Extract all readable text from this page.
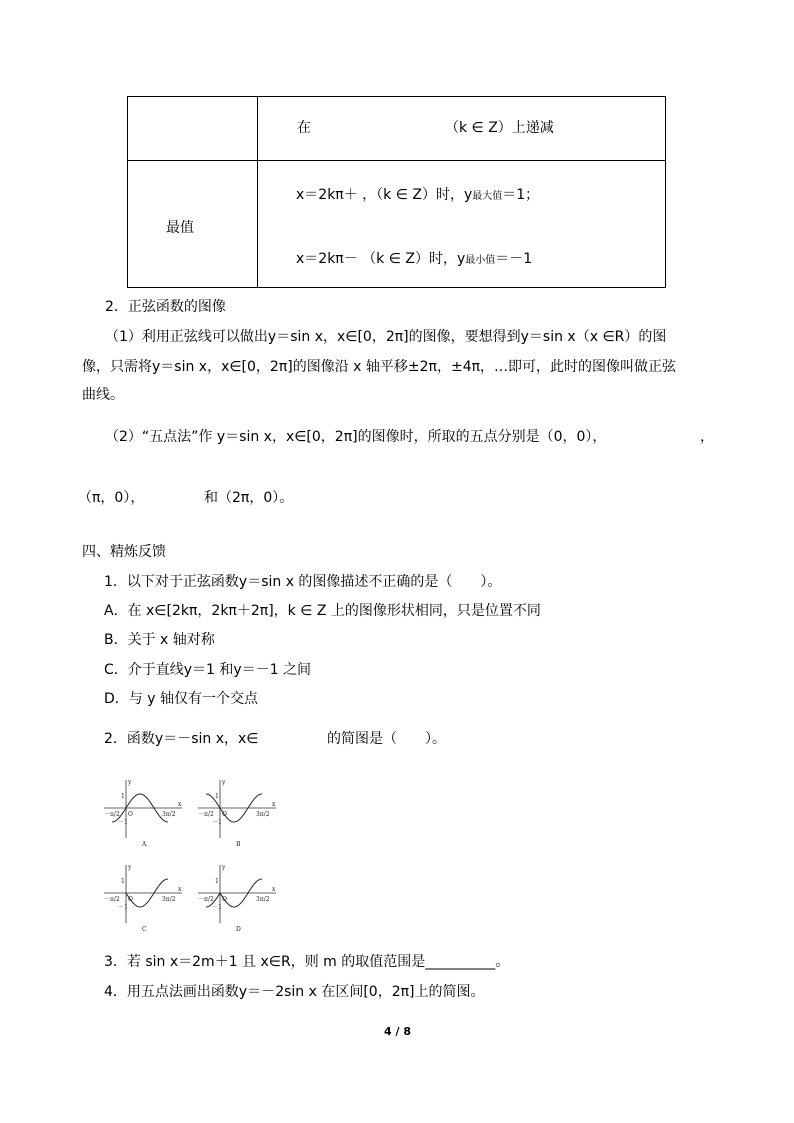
	在 （k ∈ Z）上递减

最值	x＝2kπ＋ ，（k ∈ Z）时，y最大值＝1；
x＝2kπ－ （k ∈ Z）时，y最小值＝－1
2．正弦函数的图像
（1）利用正弦线可以做出y＝sin x，x∈[0，2π]的图像，要想得到y＝sin x（x ∈R）的图
像，只需将y＝sin x，x∈[0，2π]的图像沿 x 轴平移±2π，±4π，…即可，此时的图像叫做正弦
曲线。
（2）“五点法”作 y＝sin x，x∈[0，2π]的图像时，所取的五点分别是（0，0），	，
（π，0），	和（2π，0）。
四、精炼反馈
1．以下对于正弦函数y＝sin x 的图像描述不正确的是（　　）。
A．在 x∈[2kπ，2kπ＋2π]，k ∈ Z 上的图像形状相同，只是位置不同
B．关于 x 轴对称
C．介于直线y＝1 和y＝－1 之间
D．与 y 轴仅有一个交点
2．函数y＝－sin x，x∈	的简图是（　　）。
y
x
1
－1
O
－π/2	3π/2
A
y
x
1
－1
O
－π/2	3π/2
B
y
x
1
－1
O
－π/2	3π/2
C
y
x
1
－1
O
－π/2	3π/2
D
3．若 sin x＝2m＋1 且 x∈R，则 m 的取值范围是__________。
4．用五点法画出函数y＝－2sin x 在区间[0，2π]上的简图。
4 / 8
